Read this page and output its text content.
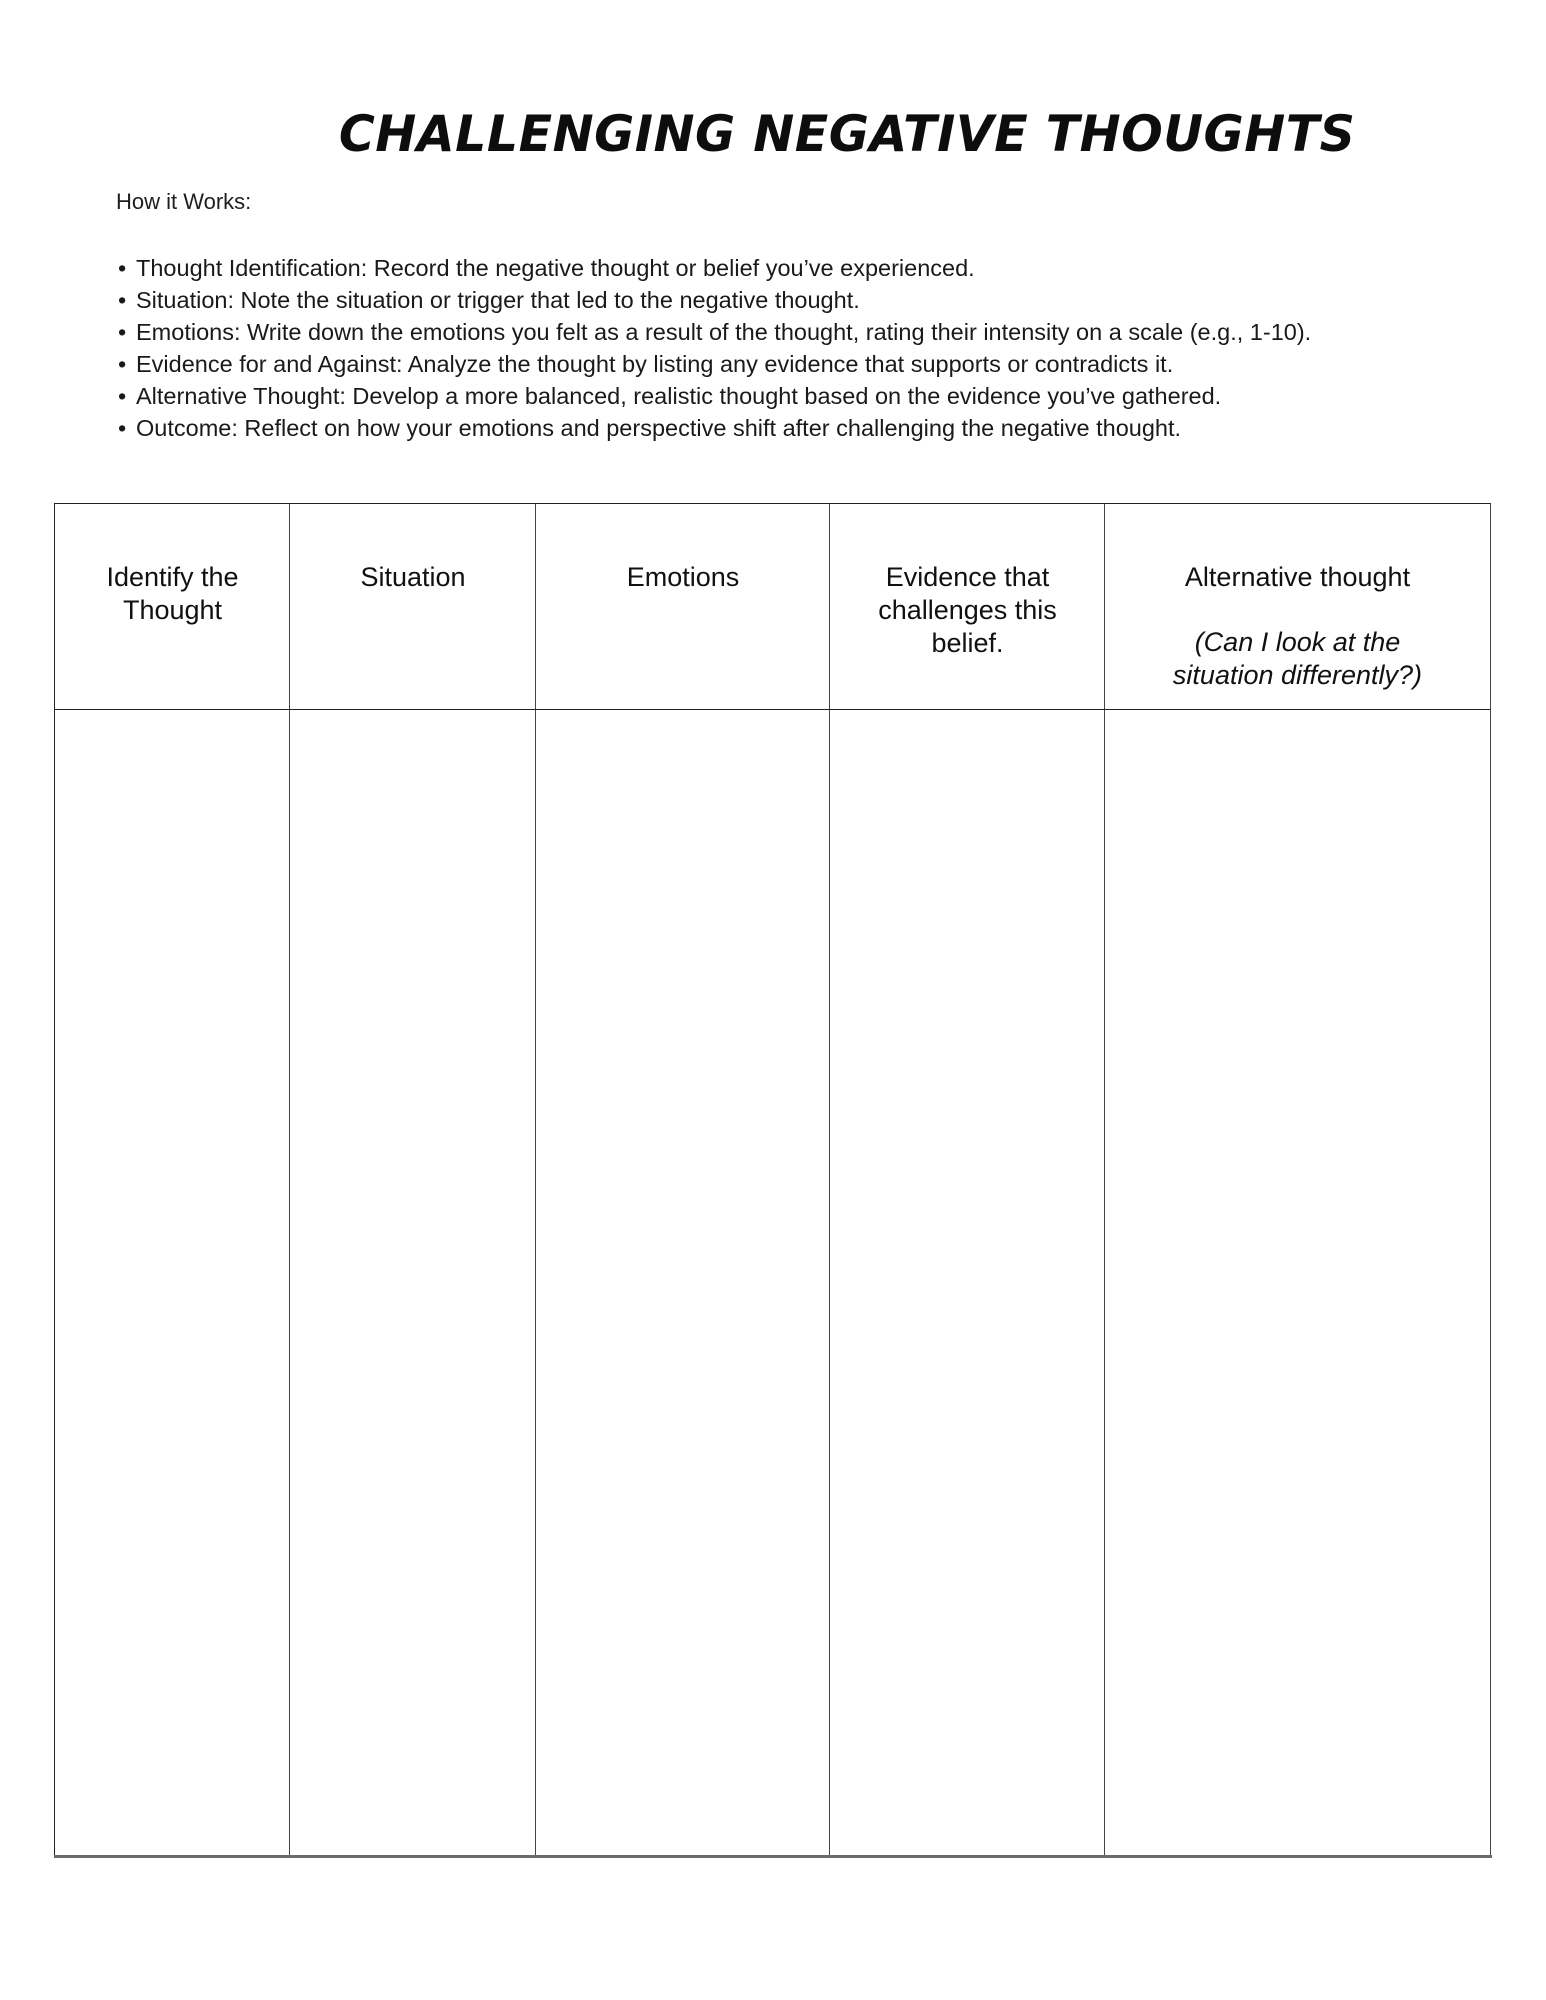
CHALLENGING NEGATIVE THOUGHTS
How it Works:
• Thought Identification: Record the negative thought or belief you’ve experienced.
• Situation: Note the situation or trigger that led to the negative thought.
• Emotions: Write down the emotions you felt as a result of the thought, rating their intensity on a scale (e.g., 1-10).
• Evidence for and Against: Analyze the thought by listing any evidence that supports or contradicts it.
• Alternative Thought: Develop a more balanced, realistic thought based on the evidence you’ve gathered.
• Outcome: Reflect on how your emotions and perspective shift after challenging the negative thought.
Identify the
Thought
Situation	Emotions	Evidence that
challenges this
belief.
Alternative thought
(Can I look at the
situation differently?)
